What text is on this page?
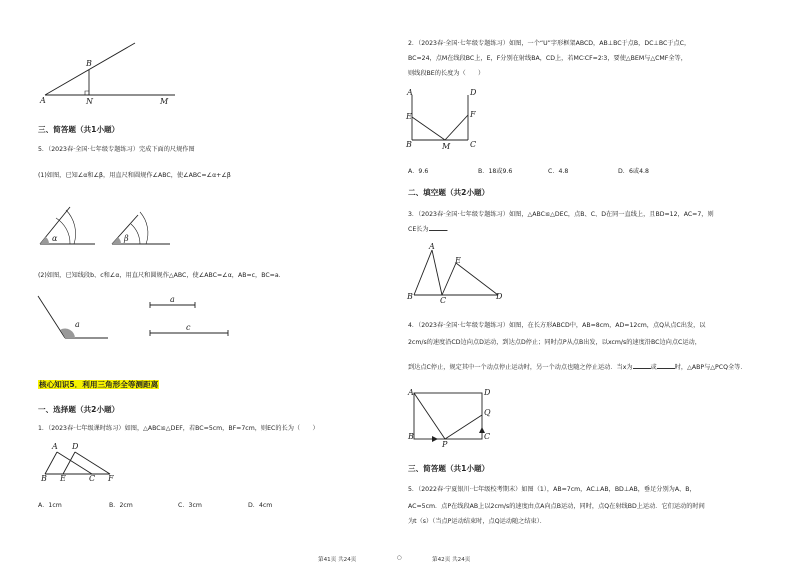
B
A	N	M
三、简答题（共1小题）
5．（2023春·全国·七年级专题练习）完成下面的尺规作图
(1)如图，已知∠α和∠β，用直尺和圆规作∠ABC，使∠ABC=∠α+∠β
α	β
(2)如图，已知线段b、c和∠α，用直尺和圆规作△ABC，使∠ABC=∠α，AB=c，BC=a．
a
a
c
核心知识5．利用三角形全等测距离
一、选择题（共2小题）
1．（2023春·七年级课时练习）如图，△ABC≌△DEF，若BC=5cm，BF=7cm，则EC的长为（　　）
A D
B E	C F
A．1cm	B．2cm	C．3cm	D．4cm
第41页 共24页	○
2．（2023春·全国·七年级专题练习）如图，一个“U”字形框架ABCD，AB⊥BC于点B，DC⊥BC于点C，
BC=24，点M在线段BC上，E，F分别在射线BA，CD上，若MC∶CF=2∶3，要使△BEM与△CMF全等，
则线段BE的长度为（　　）
A	D
E	F
B	M C
A．9.6	B．18或9.6	C．4.8	D．6或4.8
二、填空题（共2小题）
3．（2023春·全国·七年级专题练习）如图，△ABC≌△DEC，点B、C、D在同一直线上，且BD=12，AC=7，则
CE长为	．
A
E
B	C	D
4．（2023春·全国·七年级专题练习）如图，在长方形ABCD中，AB=8cm，AD=12cm，点Q从点C出发，以
2cm/s的速度沿CD边向点D运动，到达点D停止；同时点P从点B出发，以xcm/s的速度沿BC边向点C运动，
到达点C停止，规定其中一个动点停止运动时，另一个动点也随之停止运动．当x为	或	时，△ABP与△PCQ全等．
A	D
Q
B
P
C
三、简答题（共1小题）
5．（2022春·宁夏银川·七年级校考期末）如图（1），AB=7cm，AC⊥AB，BD⊥AB，垂足分别为A、B，
AC=5cm．点P在线段AB上以2cm/s的速度由点A向点B运动，同时，点Q在射线BD上运动．它们运动的时间
为t（s）（当点P运动结束时，点Q运动随之结束）．
第42页 共24页
